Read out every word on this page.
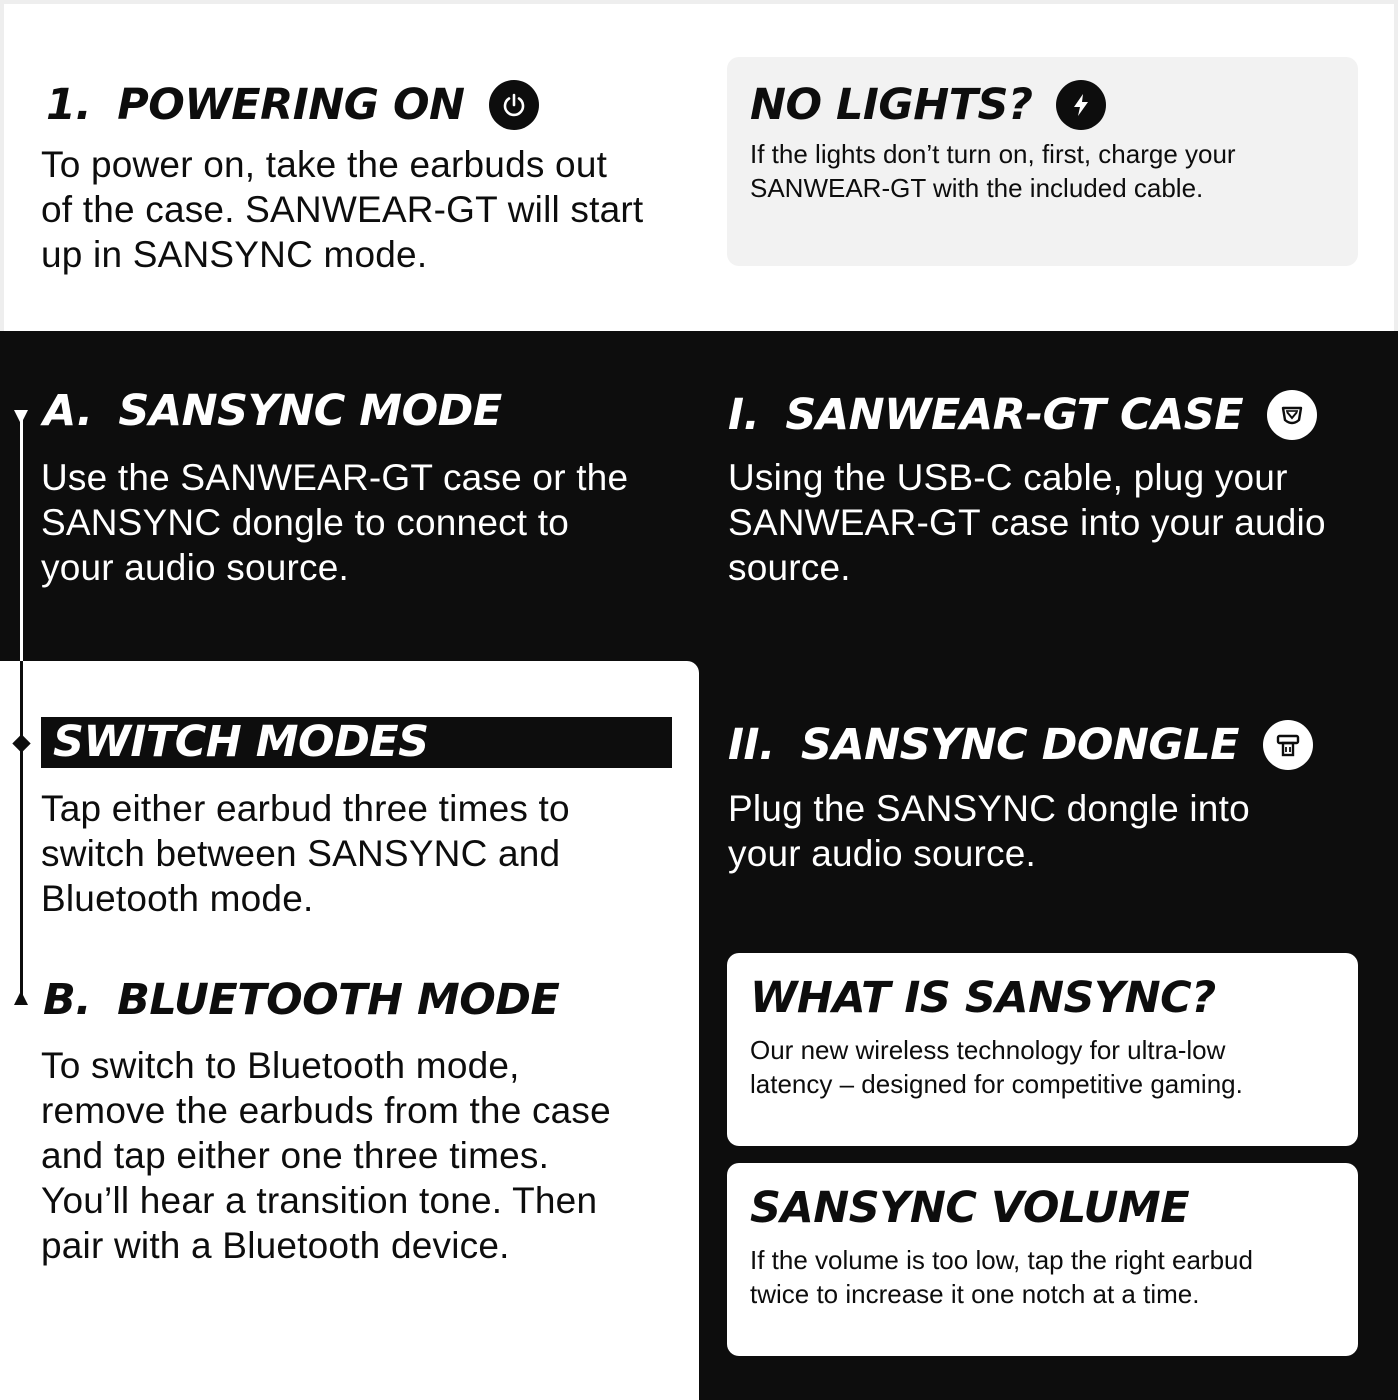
1. POWERING ON
To power on, take the earbuds out
of the case. SANWEAR-GT will start
up in SANSYNC mode.
NO LIGHTS?
If the lights don’t turn on, first, charge your
SANWEAR-GT with the included cable.
A. SANSYNC MODE
Use the SANWEAR-GT case or the
SANSYNC dongle to connect to
your audio source.
I. SANWEAR-GT CASE
Using the USB-C cable, plug your
SANWEAR-GT case into your audio
source.
SWITCH MODES
Tap either earbud three times to
switch between SANSYNC and
Bluetooth mode.
II. SANSYNC DONGLE
Plug the SANSYNC dongle into
your audio source.
B. BLUETOOTH MODE
To switch to Bluetooth mode,
remove the earbuds from the case
and tap either one three times.
You’ll hear a transition tone. Then
pair with a Bluetooth device.
WHAT IS SANSYNC?
Our new wireless technology for ultra-low
latency – designed for competitive gaming.
SANSYNC VOLUME
If the volume is too low, tap the right earbud
twice to increase it one notch at a time.
